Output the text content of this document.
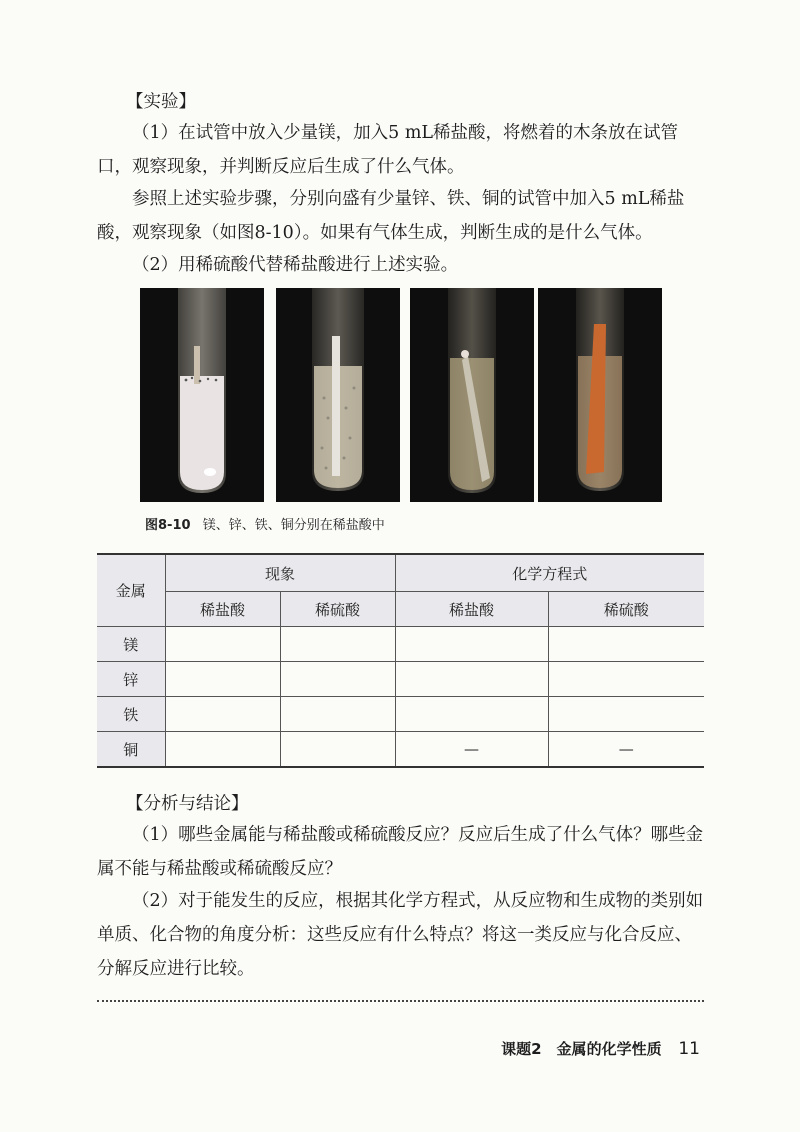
【实验】
（1）在试管中放入少量镁，加入5 mL稀盐酸，将燃着的木条放在试管口，观察现象，并判断反应后生成了什么气体。
参照上述实验步骤，分别向盛有少量锌、铁、铜的试管中加入5 mL稀盐酸，观察现象（如图8-10）。如果有气体生成，判断生成的是什么气体。
（2）用稀硫酸代替稀盐酸进行上述实验。
图8-10 镁、锌、铁、铜分别在稀盐酸中
金属	现象		化学方程式	
	稀盐酸	稀硫酸	稀盐酸	稀硫酸
镁				
锌				
铁				
铜			—	—
【分析与结论】
（1）哪些金属能与稀盐酸或稀硫酸反应？反应后生成了什么气体？哪些金属不能与稀盐酸或稀硫酸反应？
（2）对于能发生的反应，根据其化学方程式，从反应物和生成物的类别如单质、化合物的角度分析：这些反应有什么特点？将这一类反应与化合反应、分解反应进行比较。
课题2　金属的化学性质 11
